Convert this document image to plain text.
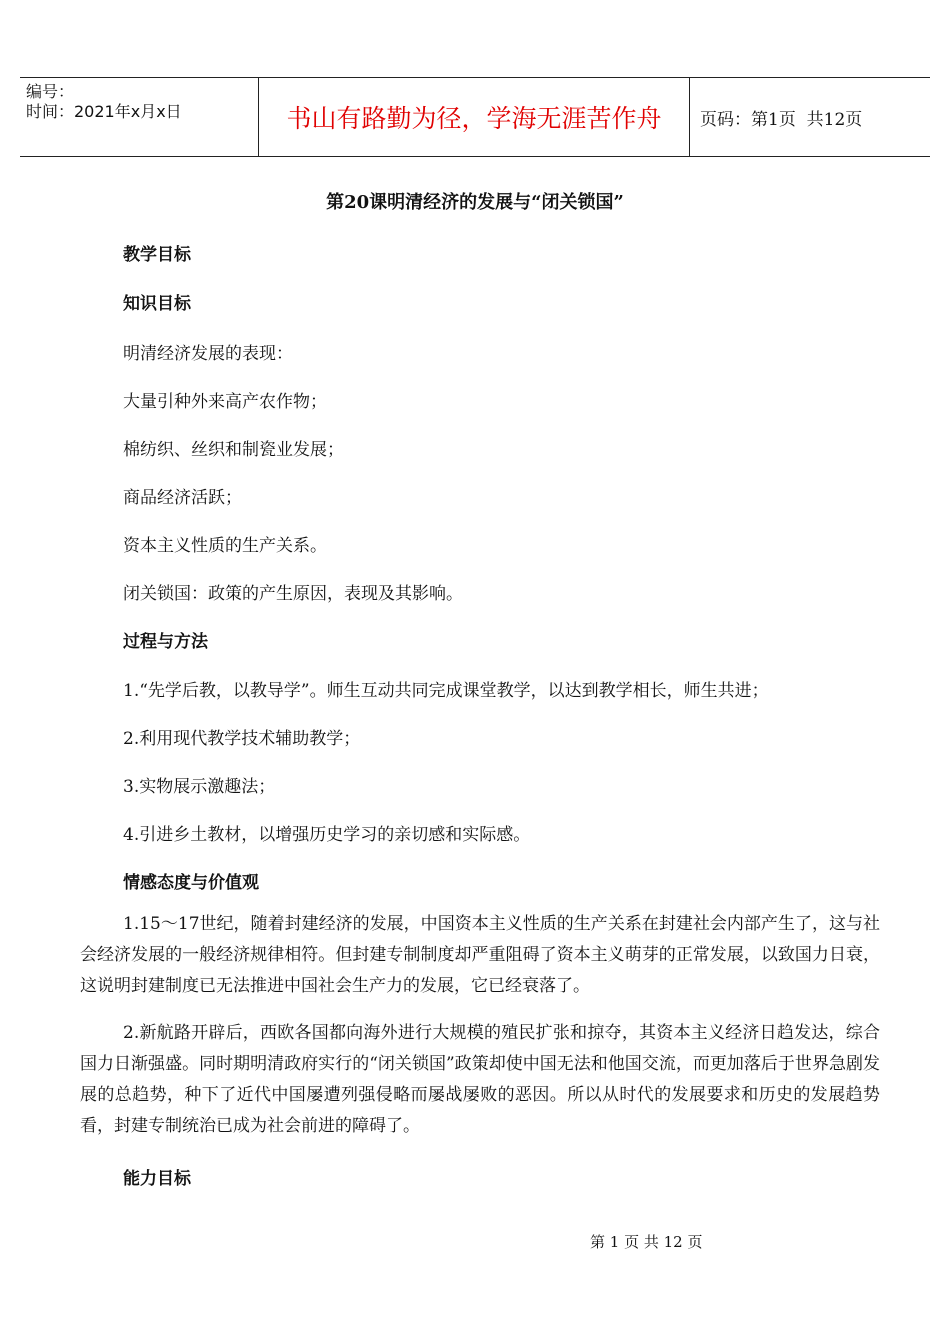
编号：
时间：2021年x月x日	书山有路勤为径，学海无涯苦作舟	页码：第1页  共12页
第20课明清经济的发展与“闭关锁国”
教学目标
知识目标
明清经济发展的表现：
大量引种外来高产农作物；
棉纺织、丝织和制瓷业发展；
商品经济活跃；
资本主义性质的生产关系。
闭关锁国：政策的产生原因，表现及其影响。
过程与方法
1.“先学后教，以教导学”。师生互动共同完成课堂教学，以达到教学相长，师生共进；
2.利用现代教学技术辅助教学；
3.实物展示激趣法；
4.引进乡土教材，以增强历史学习的亲切感和实际感。
情感态度与价值观
1.15～17世纪，随着封建经济的发展，中国资本主义性质的生产关系在封建社会内部产生了，这与社会经济发展的一般经济规律相符。但封建专制制度却严重阻碍了资本主义萌芽的正常发展，以致国力日衰，这说明封建制度已无法推进中国社会生产力的发展，它已经衰落了。
2.新航路开辟后，西欧各国都向海外进行大规模的殖民扩张和掠夺，其资本主义经济日趋发达，综合国力日渐强盛。同时期明清政府实行的“闭关锁国”政策却使中国无法和他国交流，而更加落后于世界急剧发展的总趋势，种下了近代中国屡遭列强侵略而屡战屡败的恶因。所以从时代的发展要求和历史的发展趋势看，封建专制统治已成为社会前进的障碍了。
能力目标
第 1 页 共 12 页
